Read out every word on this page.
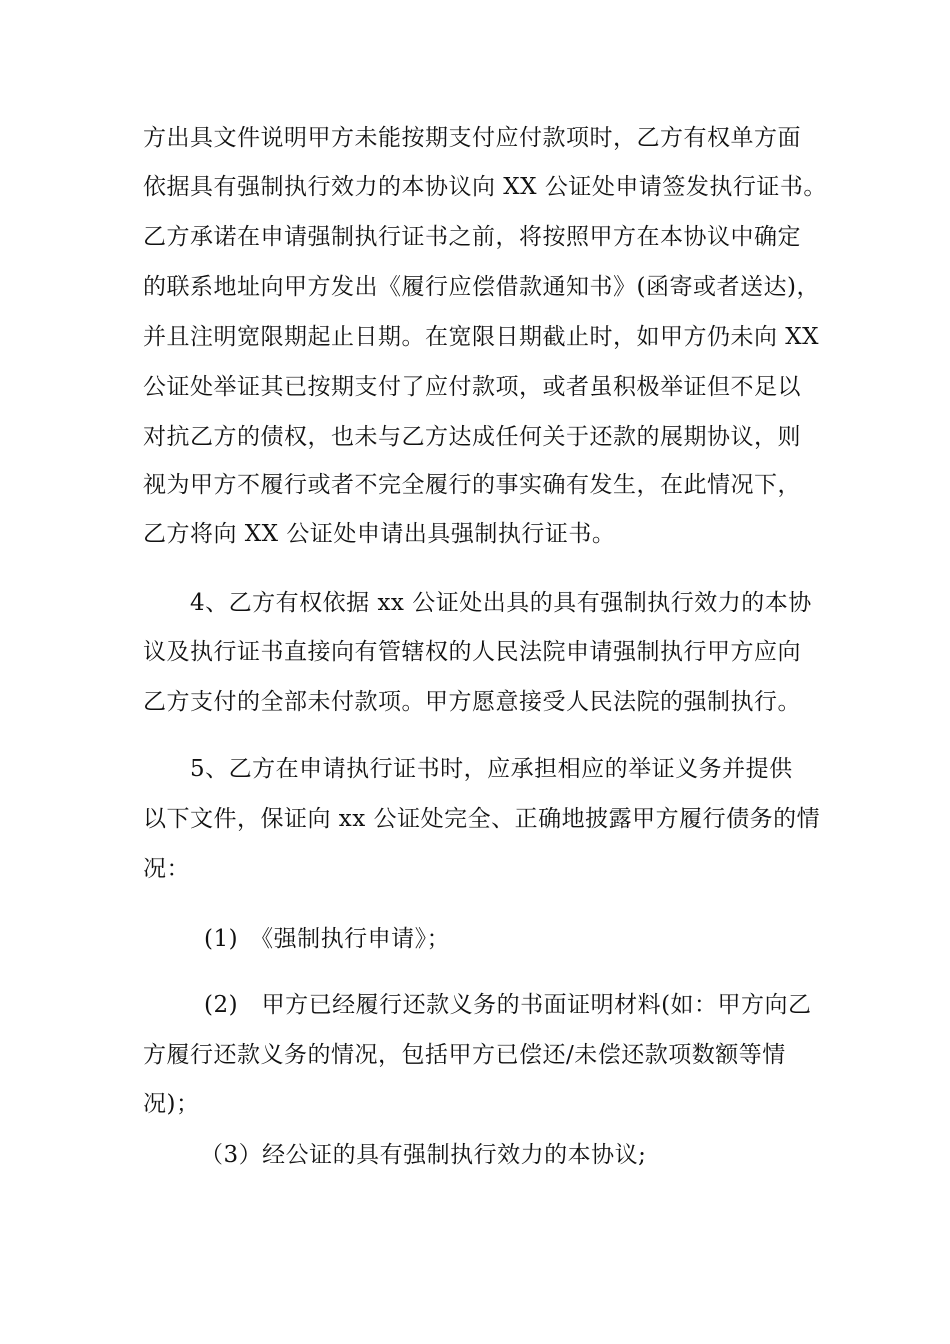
方出具文件说明甲方未能按期支付应付款项时，乙方有权单方面
依据具有强制执行效力的本协议向 XX 公证处申请签发执行证书。
乙方承诺在申请强制执行证书之前，将按照甲方在本协议中确定
的联系地址向甲方发出《履行应偿借款通知书》(函寄或者送达)，
并且注明宽限期起止日期。在宽限日期截止时，如甲方仍未向 XX
公证处举证其已按期支付了应付款项，或者虽积极举证但不足以
对抗乙方的债权，也未与乙方达成任何关于还款的展期协议，则
视为甲方不履行或者不完全履行的事实确有发生，在此情况下，
乙方将向 XX 公证处申请出具强制执行证书。
4、乙方有权依据 xx 公证处出具的具有强制执行效力的本协
议及执行证书直接向有管辖权的人民法院申请强制执行甲方应向
乙方支付的全部未付款项。甲方愿意接受人民法院的强制执行。
5、乙方在申请执行证书时，应承担相应的举证义务并提供
以下文件，保证向 xx 公证处完全、正确地披露甲方履行债务的情
况：
(1)　《强制执行申请》；
(2)　甲方已经履行还款义务的书面证明材料(如：甲方向乙
方履行还款义务的情况，包括甲方已偿还/未偿还款项数额等情
况)；
（3）经公证的具有强制执行效力的本协议;
